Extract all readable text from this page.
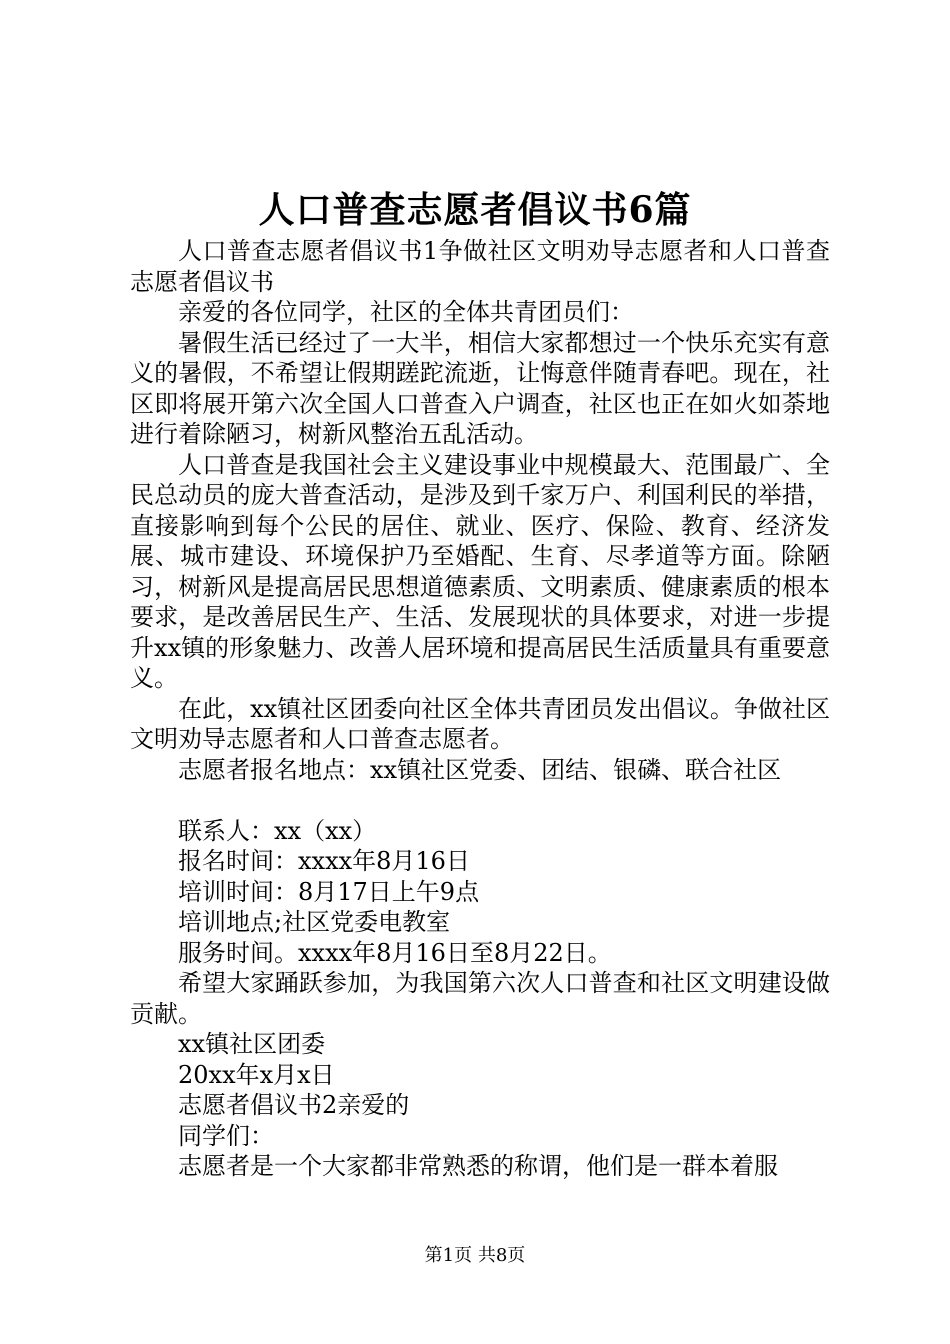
人口普查志愿者倡议书6篇

人口普查志愿者倡议书1争做社区文明劝导志愿者和人口普查志愿者倡议书

亲爱的各位同学，社区的全体共青团员们：

暑假生活已经过了一大半，相信大家都想过一个快乐充实有意义的暑假，不希望让假期蹉跎流逝，让悔意伴随青春吧。现在，社区即将展开第六次全国人口普查入户调查，社区也正在如火如荼地进行着除陋习，树新风整治五乱活动。

人口普查是我国社会主义建设事业中规模最大、范围最广、全民总动员的庞大普查活动，是涉及到千家万户、利国利民的举措，直接影响到每个公民的居住、就业、医疗、保险、教育、经济发展、城市建设、环境保护乃至婚配、生育、尽孝道等方面。除陋习，树新风是提高居民思想道德素质、文明素质、健康素质的根本要求，是改善居民生产、生活、发展现状的具体要求，对进一步提升xx镇的形象魅力、改善人居环境和提高居民生活质量具有重要意义。

在此，xx镇社区团委向社区全体共青团员发出倡议。争做社区文明劝导志愿者和人口普查志愿者。

志愿者报名地点：xx镇社区党委、团结、银磷、联合社区

联系人：xx（xx）

报名时间：xxxx年8月16日

培训时间：8月17日上午9点

培训地点;社区党委电教室

服务时间。xxxx年8月16日至8月22日。

希望大家踊跃参加，为我国第六次人口普查和社区文明建设做贡献。

xx镇社区团委

20xx年x月x日

志愿者倡议书2亲爱的

同学们：

志愿者是一个大家都非常熟悉的称谓，他们是一群本着服

第1页 共8页
